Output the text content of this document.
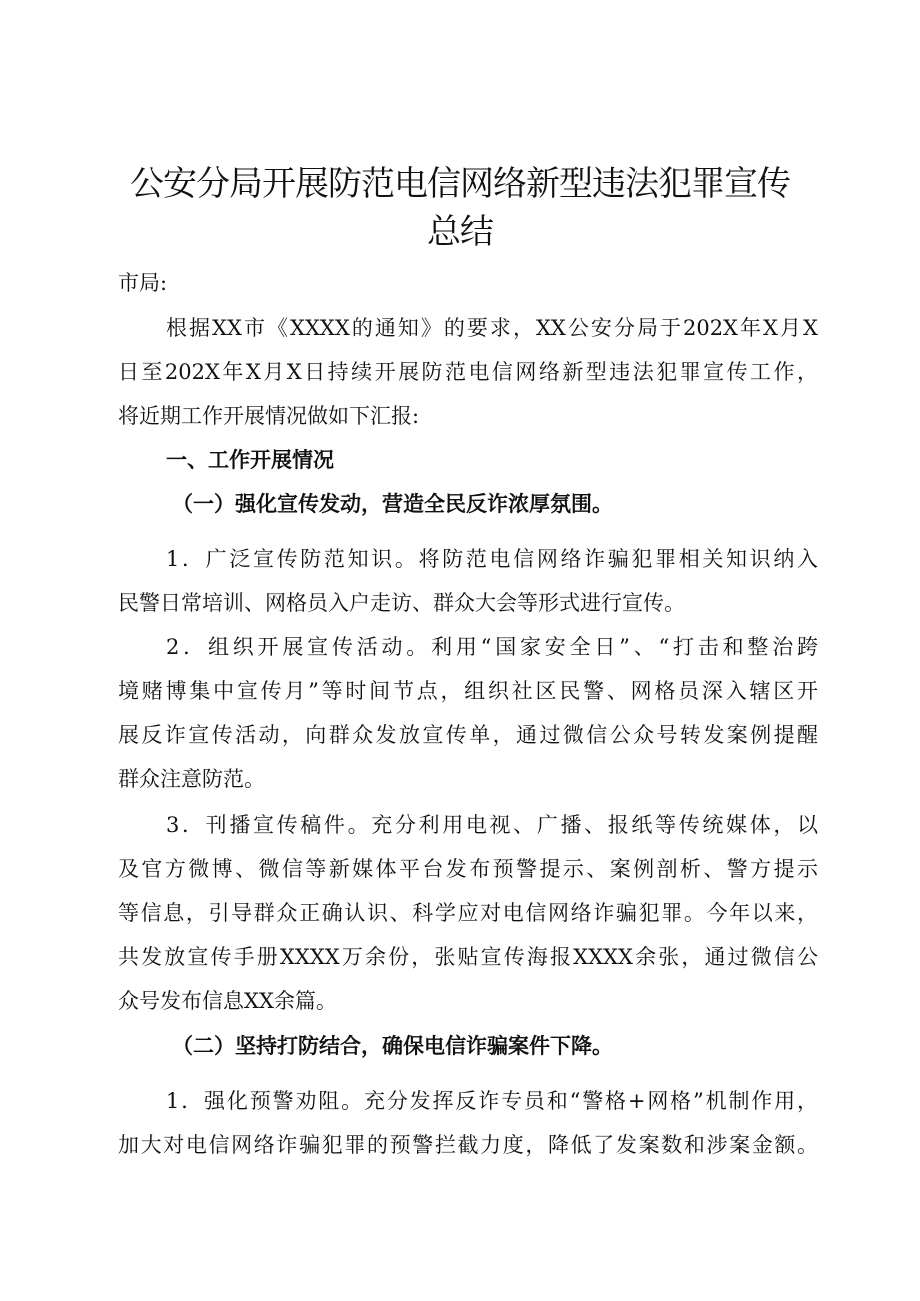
公安分局开展防范电信网络新型违法犯罪宣传
总结
市局:
根据XX市《XXXX的通知》的要求，XX公安分局于202X年X月X
日至202X年X月X日持续开展防范电信网络新型违法犯罪宣传工作，
将近期工作开展情况做如下汇报:
一、工作开展情况
（一）强化宣传发动，营造全民反诈浓厚氛围。
1．广泛宣传防范知识。将防范电信网络诈骗犯罪相关知识纳入
民警日常培训、网格员入户走访、群众大会等形式进行宣传。
2．组织开展宣传活动。利用“国家安全日”、“打击和整治跨
境赌博集中宣传月”等时间节点，组织社区民警、网格员深入辖区开
展反诈宣传活动，向群众发放宣传单，通过微信公众号转发案例提醒
群众注意防范。
3．刊播宣传稿件。充分利用电视、广播、报纸等传统媒体，以
及官方微博、微信等新媒体平台发布预警提示、案例剖析、警方提示
等信息，引导群众正确认识、科学应对电信网络诈骗犯罪。今年以来，
共发放宣传手册XXXX万余份，张贴宣传海报XXXX余张，通过微信公
众号发布信息XX余篇。
（二）坚持打防结合，确保电信诈骗案件下降。
1．强化预警劝阻。充分发挥反诈专员和“警格+网格”机制作用，
加大对电信网络诈骗犯罪的预警拦截力度，降低了发案数和涉案金额。
